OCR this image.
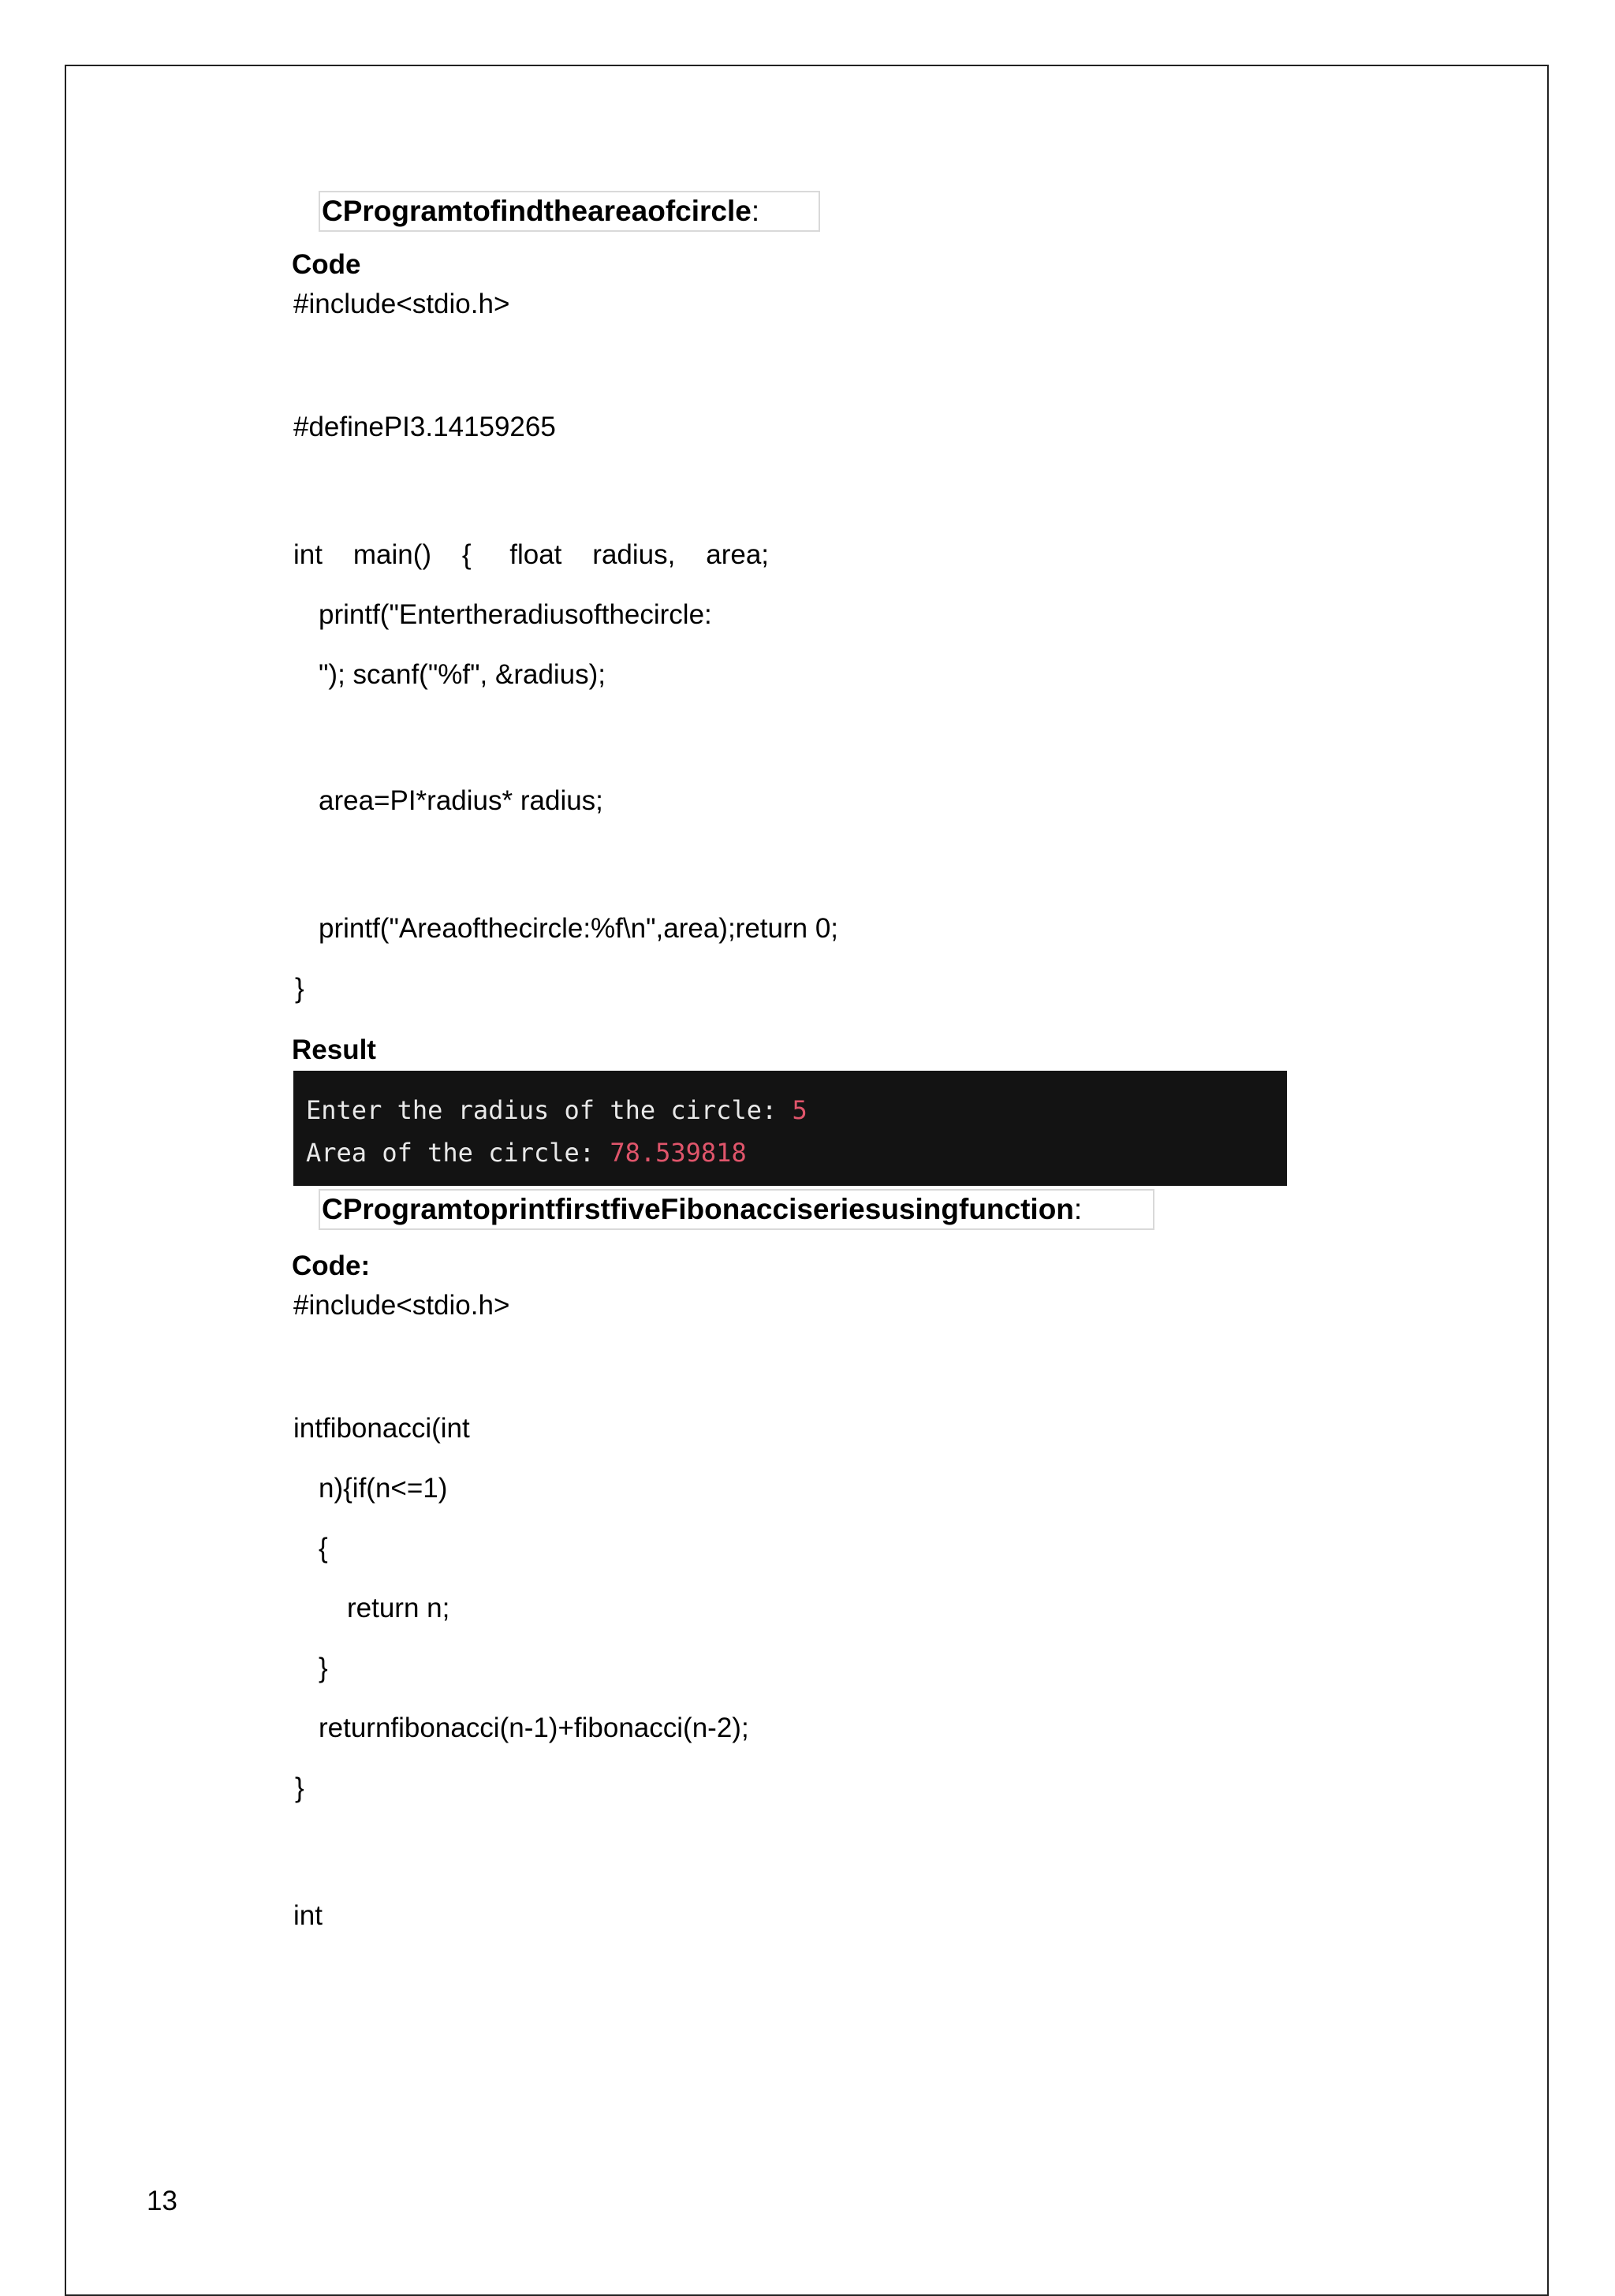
CProgramtofindtheareaofcircle:
Code
#include<stdio.h>
#definePI3.14159265
int    main()    {     float    radius,    area;
printf("Entertheradiusofthecircle:
"); scanf("%f", &radius);
area=PI*radius* radius;
printf("Areaofthecircle:%f\n",area);return 0;
}
Result
Enter the radius of the circle: 5
Area of the circle: 78.539818
CProgramtoprintfirstfiveFibonacciseriesusingfunction:
Code:
#include<stdio.h>
intfibonacci(int
n){if(n<=1)
{
return n;
}
returnfibonacci(n-1)+fibonacci(n-2);
}
int
13
